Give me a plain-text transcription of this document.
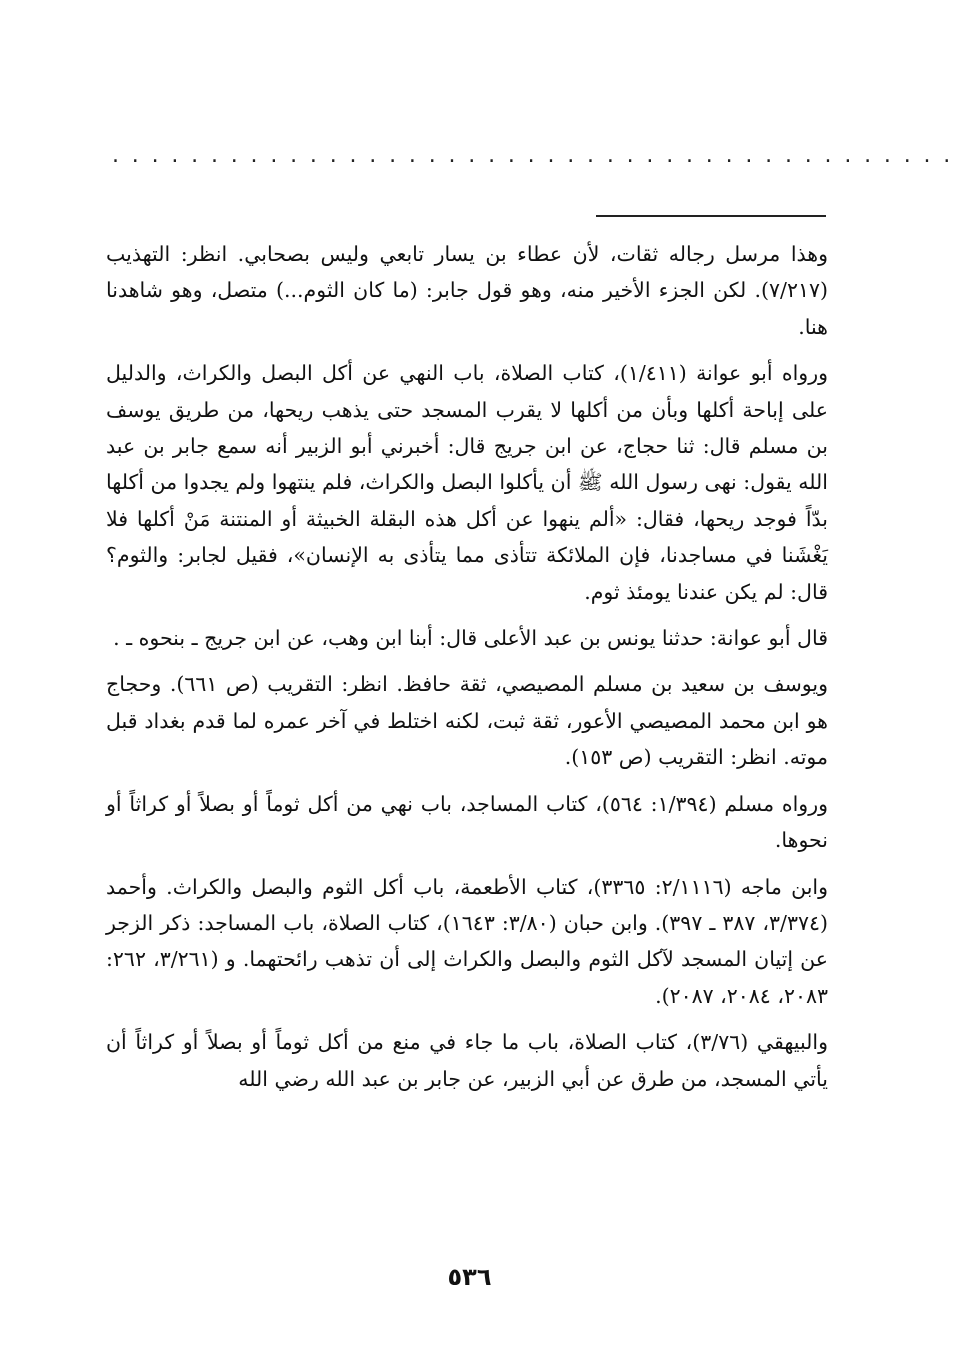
...........................................

وهذا مرسل رجاله ثقات، لأن عطاء بن يسار تابعي وليس بصحابي. انظر: التهذيب (٧/٢١٧). لكن الجزء الأخير منه، وهو قول جابر: (ما كان الثوم...) متصل، وهو شاهدنا هنا.

ورواه أبو عوانة (١/٤١١)، كتاب الصلاة، باب النهي عن أكل البصل والكراث، والدليل على إباحة أكلها وبأن من أكلها لا يقرب المسجد حتى يذهب ريحها، من طريق يوسف بن مسلم قال: ثنا حجاج، عن ابن جريج قال: أخبرني أبو الزبير أنه سمع جابر بن عبد الله يقول: نهى رسول الله ﷺ أن يأكلوا البصل والكراث، فلم ينتهوا ولم يجدوا من أكلها بدّاً فوجد ريحها، فقال: «ألم ينهوا عن أكل هذه البقلة الخبيثة أو المنتنة مَنْ أكلها فلا يَغْشَنا في مساجدنا، فإن الملائكة تتأذى مما يتأذى به الإنسان»، فقيل لجابر: والثوم؟ قال: لم يكن عندنا يومئذ ثوم.

قال أبو عوانة: حدثنا يونس بن عبد الأعلى قال: أبنا ابن وهب، عن ابن جريج ـ بنحوه ـ .

ويوسف بن سعيد بن مسلم المصيصي، ثقة حافظ. انظر: التقريب (ص ٦٦١). وحجاج هو ابن محمد المصيصي الأعور، ثقة ثبت، لكنه اختلط في آخر عمره لما قدم بغداد قبل موته. انظر: التقريب (ص ١٥٣).

ورواه مسلم (١/٣٩٤: ٥٦٤)، كتاب المساجد، باب نهي من أكل ثوماً أو بصلاً أو كراثاً أو نحوها.

وابن ماجه (٢/١١١٦: ٣٣٦٥)، كتاب الأطعمة، باب أكل الثوم والبصل والكراث. وأحمد (٣/٣٧٤، ٣٨٧ ـ ٣٩٧). وابن حبان (٣/٨٠: ١٦٤٣)، كتاب الصلاة، باب المساجد: ذكر الزجر عن إتيان المسجد لآكل الثوم والبصل والكراث إلى أن تذهب رائحتهما. و (٣/٢٦١، ٢٦٢: ٢٠٨٣، ٢٠٨٤، ٢٠٨٧).

والبيهقي (٣/٧٦)، كتاب الصلاة، باب ما جاء في منع من أكل ثوماً أو بصلاً أو كراثاً أن يأتي المسجد، من طرق عن أبي الزبير، عن جابر بن عبد الله رضي الله

٥٣٦
